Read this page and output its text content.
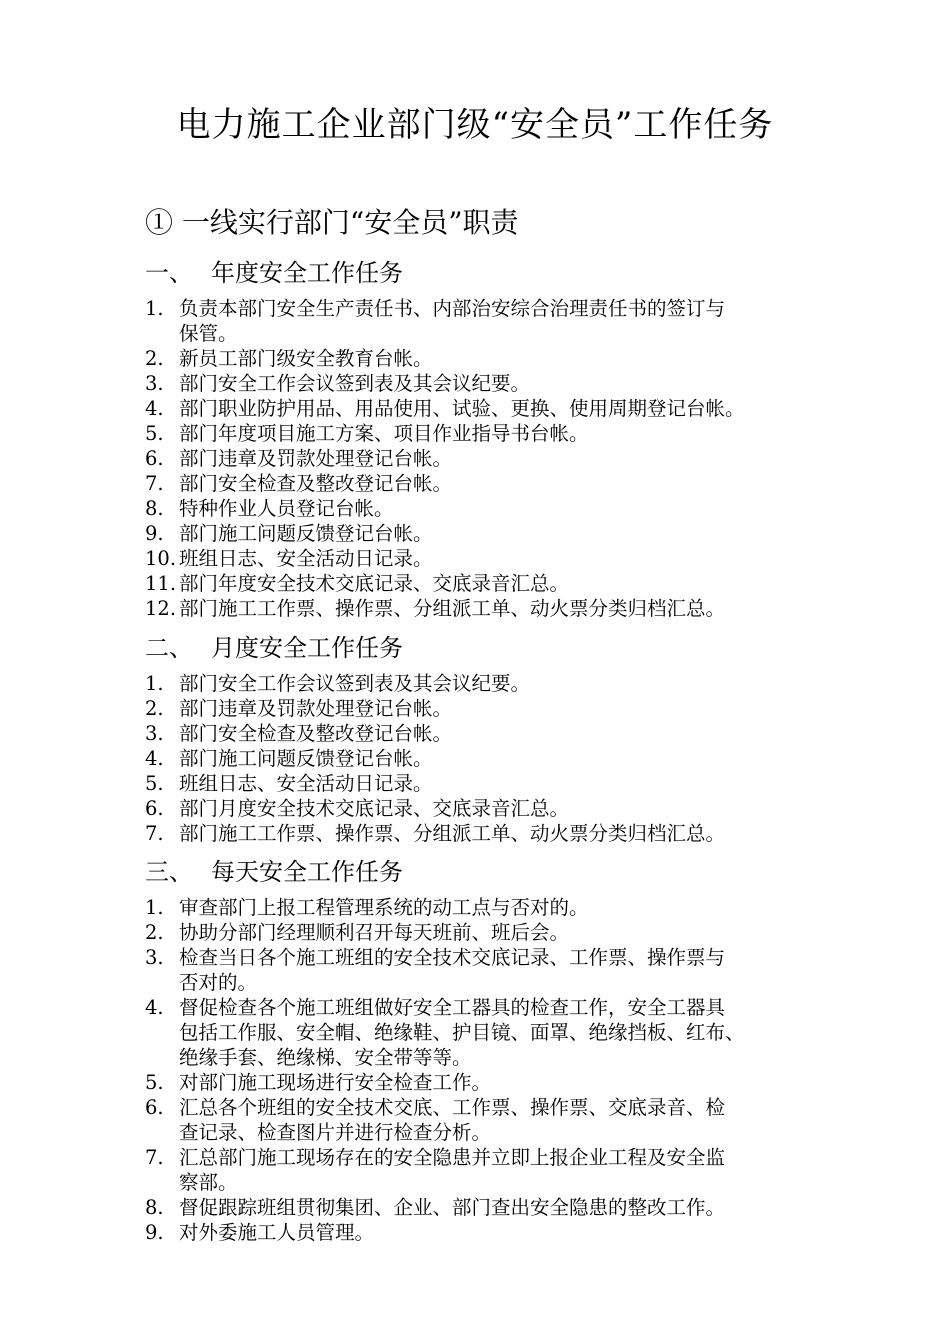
电力施工企业部门级“安全员”工作任务
① 一线实行部门“安全员”职责
一、 年度安全工作任务
1. 负责本部门安全生产责任书、内部治安综合治理责任书的签订与
保管。
2. 新员工部门级安全教育台帐。
3. 部门安全工作会议签到表及其会议纪要。
4. 部门职业防护用品、用品使用、试验、更换、使用周期登记台帐。
5. 部门年度项目施工方案、项目作业指导书台帐。
6. 部门违章及罚款处理登记台帐。
7. 部门安全检查及整改登记台帐。
8. 特种作业人员登记台帐。
9. 部门施工问题反馈登记台帐。
10. 班组日志、安全活动日记录。
11. 部门年度安全技术交底记录、交底录音汇总。
12. 部门施工工作票、操作票、分组派工单、动火票分类归档汇总。
二、 月度安全工作任务
1. 部门安全工作会议签到表及其会议纪要。
2. 部门违章及罚款处理登记台帐。
3. 部门安全检查及整改登记台帐。
4. 部门施工问题反馈登记台帐。
5. 班组日志、安全活动日记录。
6. 部门月度安全技术交底记录、交底录音汇总。
7. 部门施工工作票、操作票、分组派工单、动火票分类归档汇总。
三、 每天安全工作任务
1. 审查部门上报工程管理系统的动工点与否对的。
2. 协助分部门经理顺利召开每天班前、班后会。
3. 检查当日各个施工班组的安全技术交底记录、工作票、操作票与
否对的。
4. 督促检查各个施工班组做好安全工器具的检查工作，安全工器具
包括工作服、安全帽、绝缘鞋、护目镜、面罩、绝缘挡板、红布、
绝缘手套、绝缘梯、安全带等等。
5. 对部门施工现场进行安全检查工作。
6. 汇总各个班组的安全技术交底、工作票、操作票、交底录音、检
查记录、检查图片并进行检查分析。
7. 汇总部门施工现场存在的安全隐患并立即上报企业工程及安全监
察部。
8. 督促跟踪班组贯彻集团、企业、部门查出安全隐患的整改工作。
9. 对外委施工人员管理。
